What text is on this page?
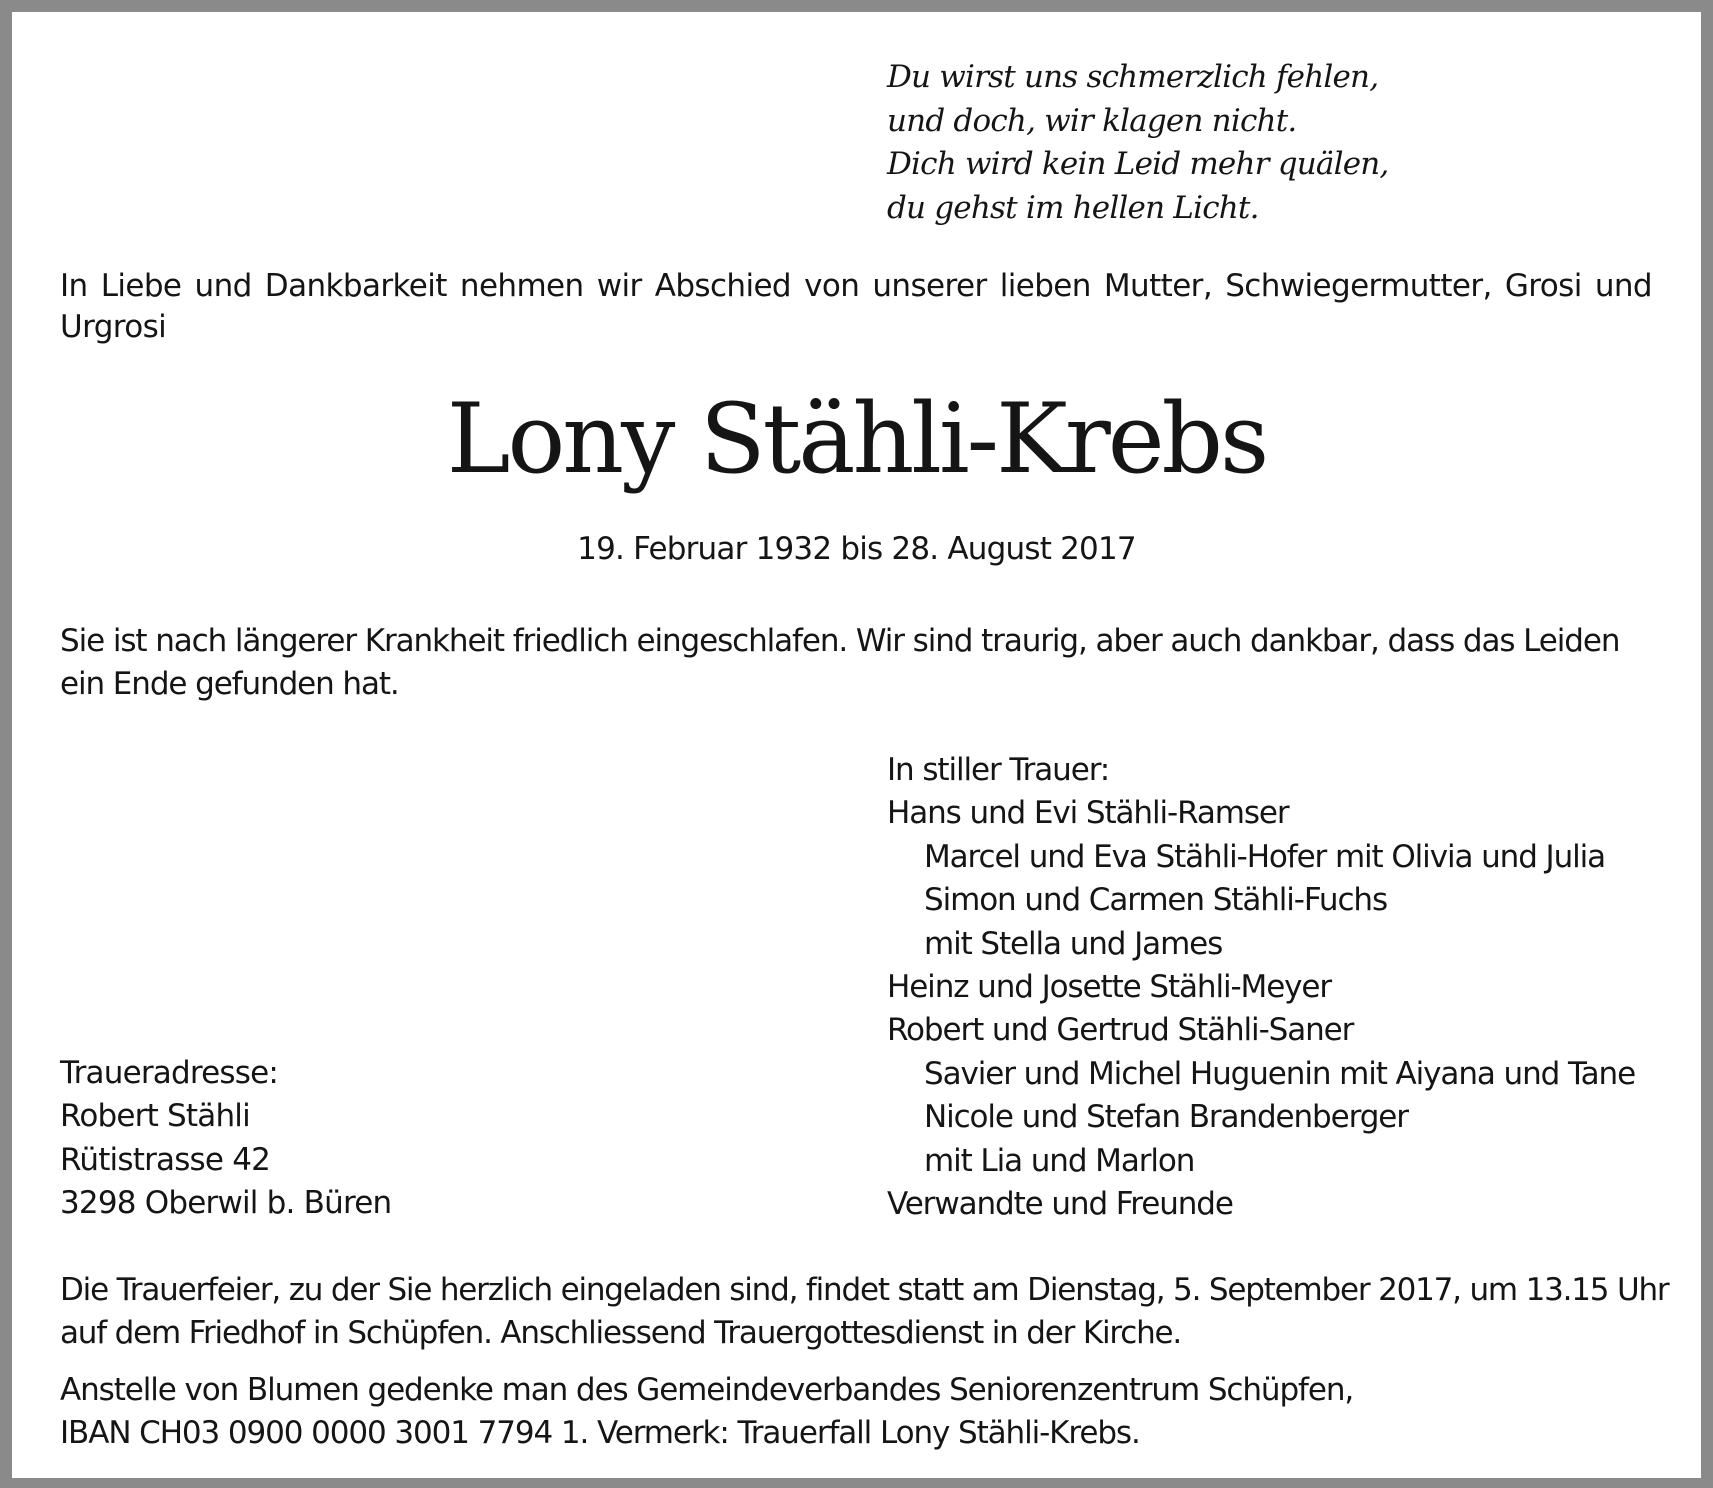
Du wirst uns schmerzlich fehlen,
und doch, wir klagen nicht.
Dich wird kein Leid mehr quälen,
du gehst im hellen Licht.
In Liebe und Dankbarkeit nehmen wir Abschied von unserer lieben Mutter, Schwiegermutter, Grosi und Urgrosi
Lony Stähli-Krebs
19. Februar 1932 bis 28. August 2017
Sie ist nach längerer Krankheit friedlich eingeschlafen. Wir sind traurig, aber auch dankbar, dass das Leiden ein Ende gefunden hat.
In stiller Trauer:
Hans und Evi Stähli-Ramser
Marcel und Eva Stähli-Hofer mit Olivia und Julia
Simon und Carmen Stähli-Fuchs
mit Stella und James
Heinz und Josette Stähli-Meyer
Robert und Gertrud Stähli-Saner
Savier und Michel Huguenin mit Aiyana und Tane
Nicole und Stefan Brandenberger
mit Lia und Marlon
Verwandte und Freunde
Traueradresse:
Robert Stähli
Rütistrasse 42
3298 Oberwil b. Büren
Die Trauerfeier, zu der Sie herzlich eingeladen sind, findet statt am Dienstag, 5. September 2017, um 13.15 Uhr
auf dem Friedhof in Schüpfen. Anschliessend Trauergottesdienst in der Kirche.
Anstelle von Blumen gedenke man des Gemeindeverbandes Seniorenzentrum Schüpfen,
IBAN CH03 0900 0000 3001 7794 1. Vermerk: Trauerfall Lony Stähli-Krebs.
